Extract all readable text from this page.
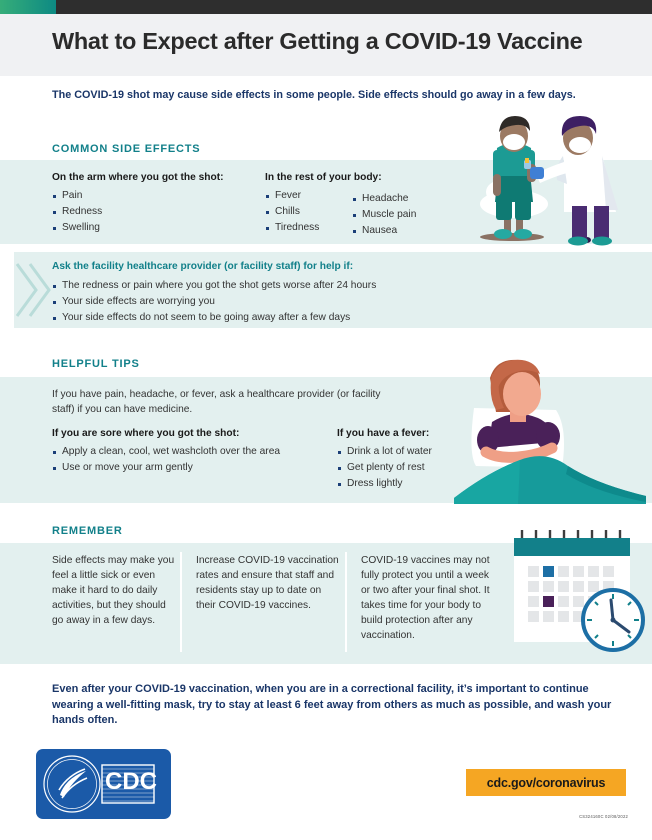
What to Expect after Getting a COVID-19 Vaccine
The COVID-19 shot may cause side effects in some people. Side effects should go away in a few days.
COMMON SIDE EFFECTS

On the arm where you got the shot:

Pain
Redness
Swelling

In the rest of your body:

Fever
Chills
Tiredness
Headache
Muscle pain
Nausea
Ask the facility healthcare provider (or facility staff) for help if:
The redness or pain where you got the shot gets worse after 24 hours
Your side effects are worrying you
Your side effects do not seem to be going away after a few days
HELPFUL TIPS
If you have pain, headache, or fever, ask a healthcare provider (or facility staff) if you can have medicine.

If you are sore where you got the shot:

Apply a clean, cool, wet washcloth over the area
Use or move your arm gently

If you have a fever:

Drink a lot of water
Get plenty of rest
Dress lightly
REMEMBER
Side effects may make you feel a little sick or even make it hard to do daily activities, but they should go away in a few days.
Increase COVID-19 vaccination rates and ensure that staff and residents stay up to date on their COVID-19 vaccines.
COVID-19 vaccines may not fully protect you until a week or two after your final shot. It takes time for your body to build protection after any vaccination.
Even after your COVID-19 vaccination, when you are in a correctional facility, it’s important to continue wearing a well-fitting mask, try to stay at least 6 feet away from others as much as possible, and wash your hands often.
CDC	cdc.gov/coronavirus
CS324160C 02/08/2022
